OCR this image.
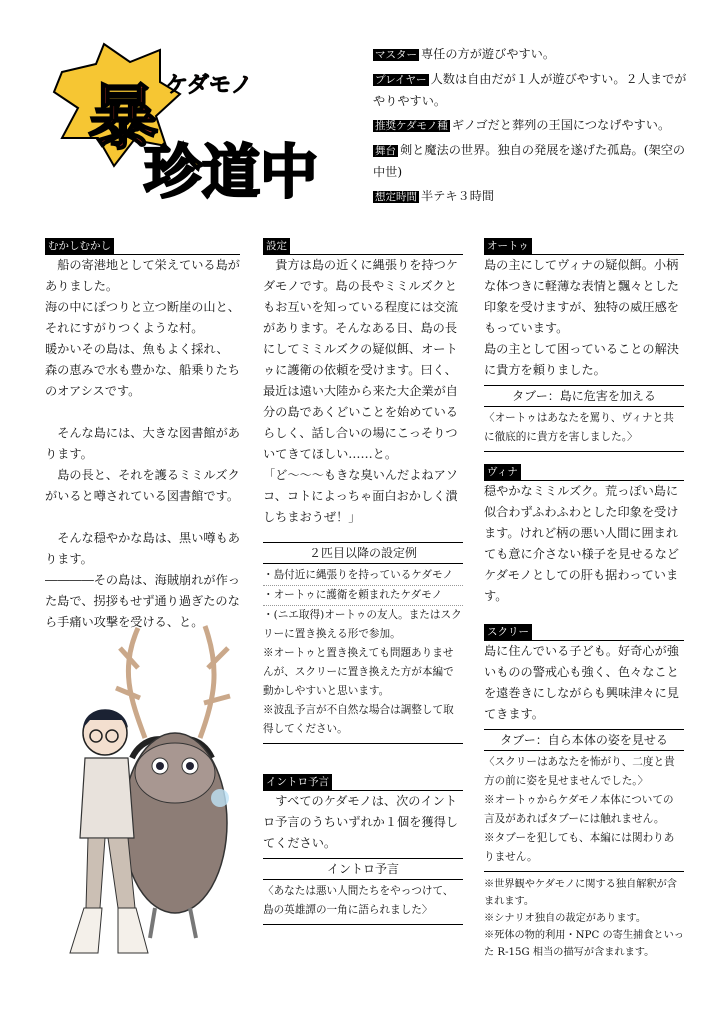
暴 ケダモノ
珍道中
マスター 専任の方が遊びやすい。
プレイヤー 人数は自由だが１人が遊びやすい。２人までがやりやすい。
推奨ケダモノ種 ギノゴだと葬列の王国につなげやすい。
舞台 剣と魔法の世界。独自の発展を遂げた孤島。(架空の中世)
想定時間 半テキ３時間
むかしむかし

船の寄港地として栄えている島がありました。

海の中にぽつりと立つ断崖の山と、それにすがりつくような村。

暖かいその島は、魚もよく採れ、森の恵みで水も豊かな、船乗りたちのオアシスです。

そんな島には、大きな図書館があります。

島の長と、それを護るミミルズクがいると噂されている図書館です。

そんな穏やかな島は、黒い噂もあります。

――――その島は、海賊崩れが作った島で、拐拶もせず通り過ぎたのなら手痛い攻撃を受ける、と。

設定

貴方は島の近くに縄張りを持つケダモノです。島の長やミミルズクともお互いを知っている程度には交流があります。そんなある日、島の長にしてミミルズクの疑似餌、オートゥに護衛の依頼を受けます。曰く、最近は遠い大陸から来た大企業が自分の島であくどいことを始めているらしく、話し合いの場にこっそりついてきてほしい……と。

「ど～～～もきな臭いんだよねアソコ、コトによっちゃ面白おかしく潰しちまおうぜ！」

２匹目以降の設定例
・島付近に縄張りを持っているケダモノ
・オートゥに護衛を頼まれたケダモノ
・(ニエ取得)オートゥの友人。またはスクリーに置き換える形で参加。
※オートゥと置き換えても問題ありませんが、スクリーに置き換えた方が本編で動かしやすいと思います。
※波乱予言が不自然な場合は調整して取得してください。
イントロ予言

すべてのケダモノは、次のイントロ予言のうちいずれか１個を獲得してください。

イントロ予言
〈あなたは悪い人間たちをやっつけて、島の英雄譚の一角に語られました〉
オートゥ

島の主にしてヴィナの疑似餌。小柄な体つきに軽薄な表情と飄々とした印象を受けますが、独特の威圧感をもっています。

島の主として困っていることの解決に貴方を頼りました。

タブー：島に危害を加える
〈オートゥはあなたを罵り、ヴィナと共に徹底的に貴方を害しました。〉
ヴィナ

穏やかなミミルズク。荒っぽい島に似合わずふわふわとした印象を受けます。けれど柄の悪い人間に囲まれても意に介さない様子を見せるなどケダモノとしての肝も据わっています。

スクリー

島に住んでいる子ども。好奇心が強いものの警戒心も強く、色々なことを遠巻きにしながらも興味津々に見てきます。

タブー：自ら本体の姿を見せる
〈スクリーはあなたを怖がり、二度と貴方の前に姿を見せませんでした。〉
※オートゥからケダモノ本体についての言及があればタブーには触れません。
※タブーを犯しても、本編には関わりありません。
※世界観やケダモノに関する独自解釈が含まれます。
※シナリオ独自の裁定があります。
※死体の物的利用・NPC の寄生捕食といった R-15G 相当の描写が含まれます。
